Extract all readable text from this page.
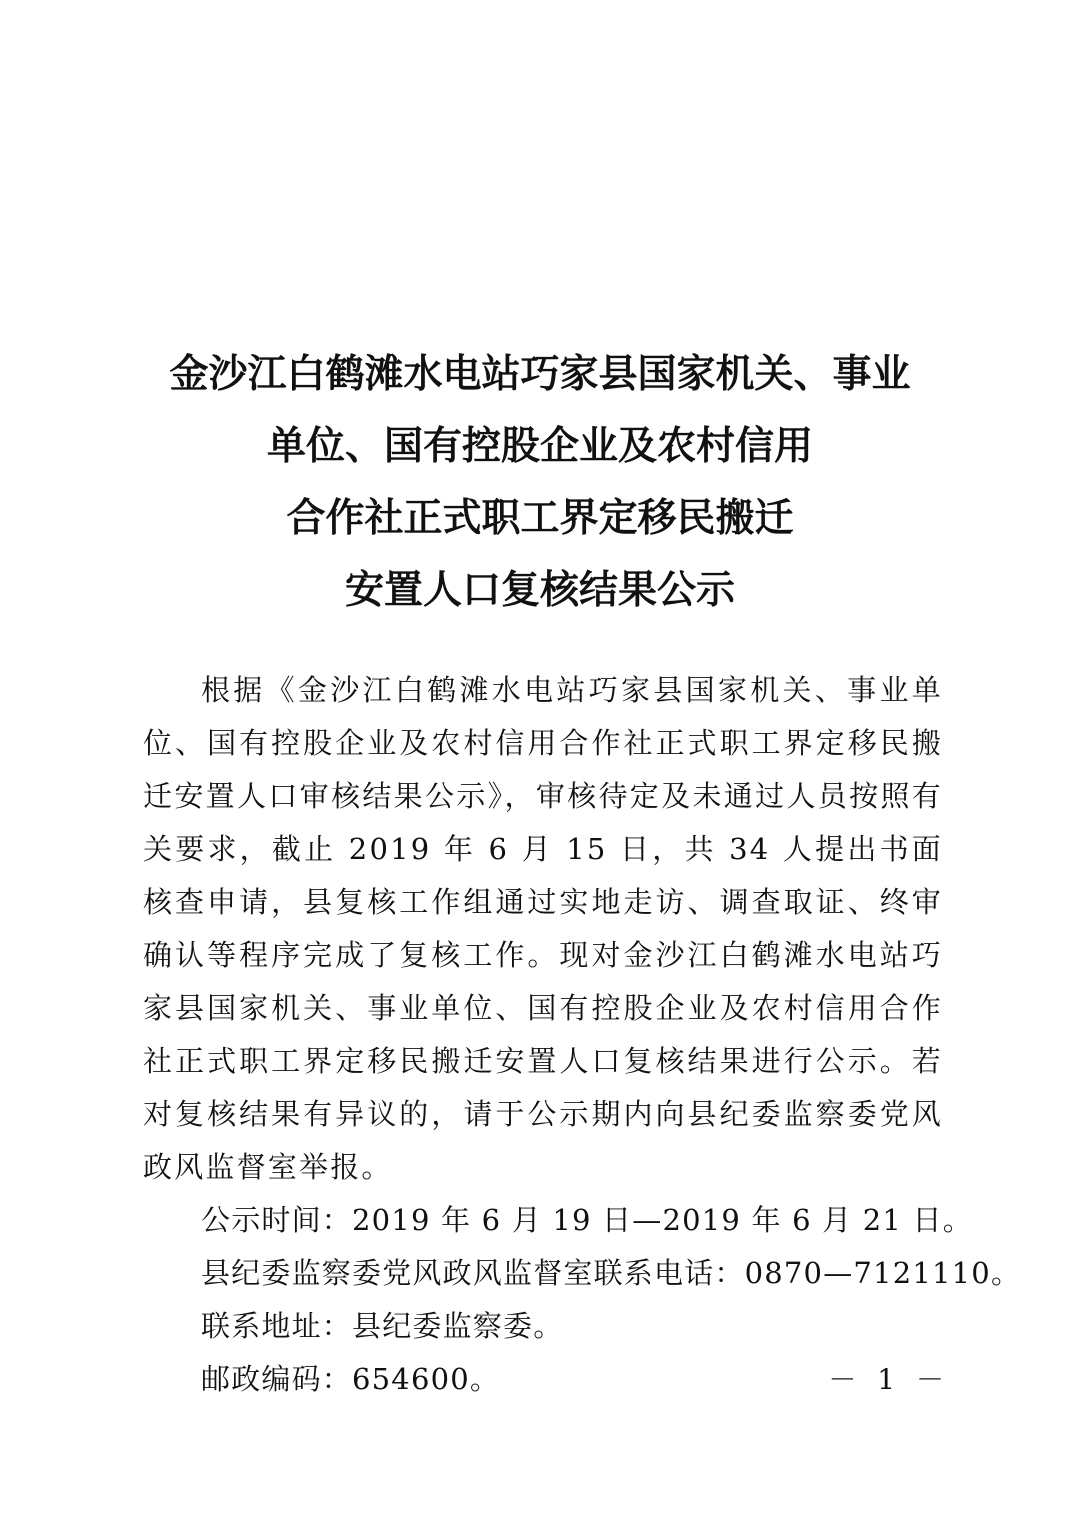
金沙江白鹤滩水电站巧家县国家机关、事业
单位、国有控股企业及农村信用
合作社正式职工界定移民搬迁
安置人口复核结果公示

根据《金沙江白鹤滩水电站巧家县国家机关、事业单位、国有控股企业及农村信用合作社正式职工界定移民搬迁安置人口审核结果公示》，审核待定及未通过人员按照有关要求，截止 2019 年 6 月 15 日，共 34 人提出书面核查申请，县复核工作组通过实地走访、调查取证、终审确认等程序完成了复核工作。现对金沙江白鹤滩水电站巧家县国家机关、事业单位、国有控股企业及农村信用合作社正式职工界定移民搬迁安置人口复核结果进行公示。若对复核结果有异议的，请于公示期内向县纪委监察委党风政风监督室举报。

公示时间：2019 年 6 月 19 日—2019 年 6 月 21 日。

县纪委监察委党风政风监督室联系电话：0870—7121110。

联系地址：县纪委监察委。

邮政编码：654600。	－ 1 －
